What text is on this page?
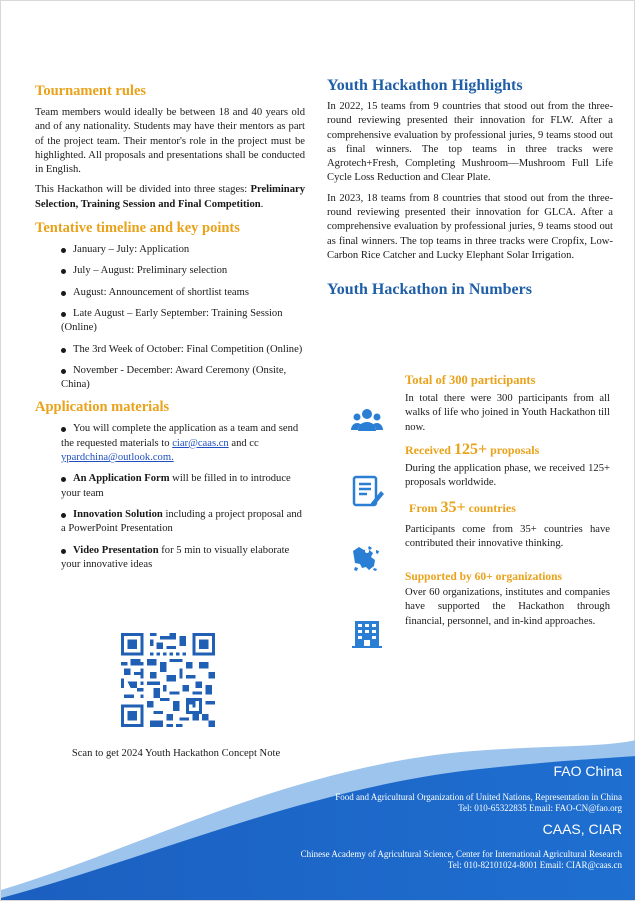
Tournament rules

Team members would ideally be between 18 and 40 years old and of any nationality. Students may have their mentors as part of the project team. Their mentor's role in the project must be highlighted. All proposals and presentations shall be conducted in English.

This Hackathon will be divided into three stages: Preliminary Selection, Training Session and Final Competition.

Tentative timeline and key points
January – July: Application
July – August: Preliminary selection
August: Announcement of shortlist teams
Late August – Early September: Training Session (Online)
The 3rd Week of October: Final Competition (Online)
November - December: Award Ceremony (Onsite, China)
Application materials
You will complete the application as a team and send the requested materials to ciar@caas.cn and cc ypardchina@outlook.com.
An Application Form will be filled in to introduce your team
Innovation Solution including a project proposal and a PowerPoint Presentation
Video Presentation for 5 min to visually elaborate your innovative ideas
Scan to get 2024 Youth Hackathon Concept Note
Youth Hackathon Highlights

In 2022, 15 teams from 9 countries that stood out from the three-round reviewing presented their innovation for FLW. After a comprehensive evaluation by professional juries, 9 teams stood out as final winners. The top teams in three tracks were Agrotech+Fresh, Completing Mushroom—Mushroom Full Life Cycle Loss Reduction and Clear Plate.

In 2023, 18 teams from 8 countries that stood out from the three-round reviewing presented their innovation for GLCA. After a comprehensive evaluation by professional juries, 9 teams stood out as final winners. The top teams in three tracks were Cropfix, Low-Carbon Rice Catcher and Lucky Elephant Solar Irrigation.

Youth Hackathon in Numbers
Total of 300 participants

In total there were 300 participants from all walks of life who joined in Youth Hackathon till now.

Received 125+ proposals

During the application phase, we received 125+ proposals worldwide.

From 35+ countries

Participants come from 35+ countries have contributed their innovative thinking.

Supported by 60+ organizations

Over 60 organizations, institutes and companies have supported the Hackathon through financial, personnel, and in-kind approaches.

FAO China
Food and Agricultural Organization of United Nations, Representation in China
Tel: 010-65322835 Email: FAO-CN@fao.org
CAAS, CIAR
Chinese Academy of Agricultural Science, Center for International Agricultural Research
Tel: 010-82101024-8001 Email: CIAR@caas.cn
